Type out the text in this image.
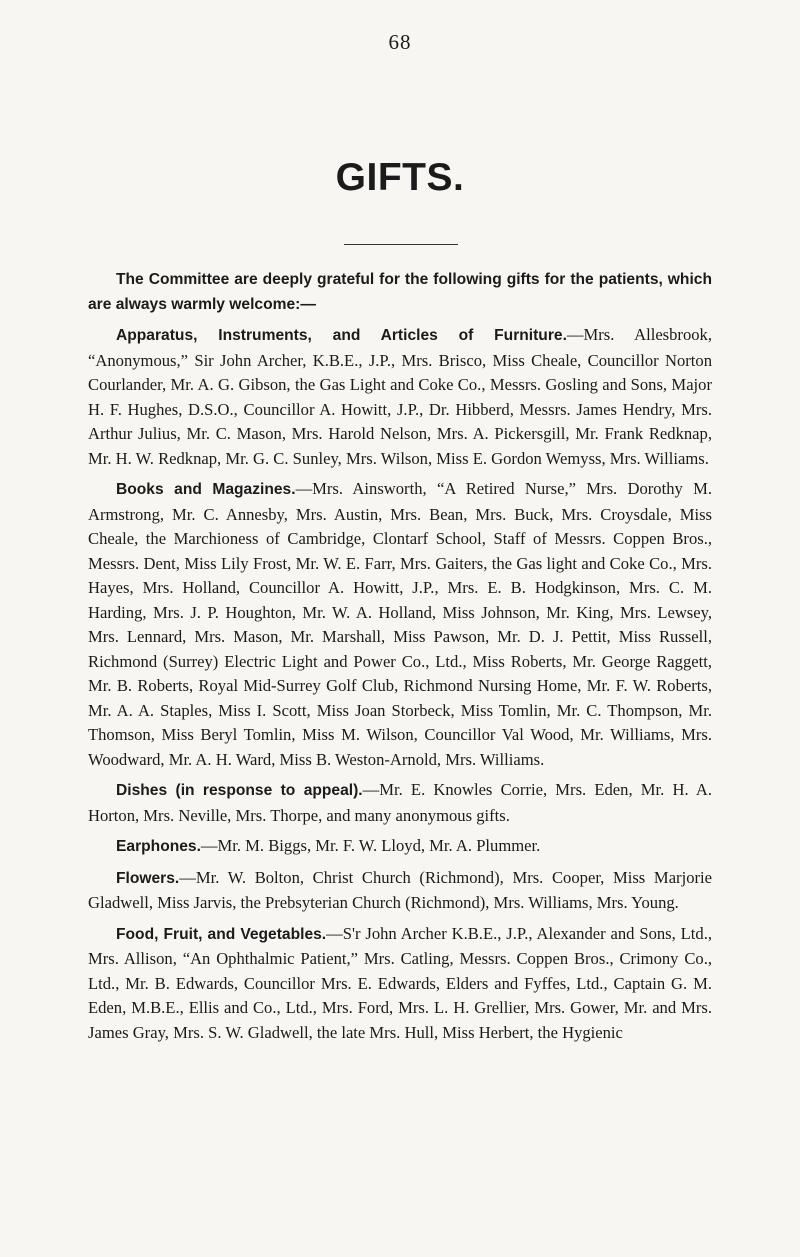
68
GIFTS.

The Committee are deeply grateful for the following gifts for the patients, which are always warmly welcome:—

Apparatus, Instruments, and Articles of Furniture.—Mrs. Allesbrook, “Anonymous,” Sir John Archer, K.B.E., J.P., Mrs. Brisco, Miss Cheale, Councillor Norton Courlander, Mr. A. G. Gibson, the Gas Light and Coke Co., Messrs. Gosling and Sons, Major H. F. Hughes, D.S.O., Councillor A. Howitt, J.P., Dr. Hibberd, Messrs. James Hendry, Mrs. Arthur Julius, Mr. C. Mason, Mrs. Harold Nelson, Mrs. A. Pickersgill, Mr. Frank Redknap, Mr. H. W. Redknap, Mr. G. C. Sunley, Mrs. Wilson, Miss E. Gordon Wemyss, Mrs. Williams.

Books and Magazines.—Mrs. Ainsworth, “A Retired Nurse,” Mrs. Dorothy M. Armstrong, Mr. C. Annesby, Mrs. Austin, Mrs. Bean, Mrs. Buck, Mrs. Croysdale, Miss Cheale, the Marchioness of Cambridge, Clontarf School, Staff of Messrs. Coppen Bros., Messrs. Dent, Miss Lily Frost, Mr. W. E. Farr, Mrs. Gaiters, the Gas light and Coke Co., Mrs. Hayes, Mrs. Holland, Councillor A. Howitt, J.P., Mrs. E. B. Hodgkinson, Mrs. C. M. Harding, Mrs. J. P. Houghton, Mr. W. A. Holland, Miss Johnson, Mr. King, Mrs. Lewsey, Mrs. Lennard, Mrs. Mason, Mr. Marshall, Miss Pawson, Mr. D. J. Pettit, Miss Russell, Richmond (Surrey) Electric Light and Power Co., Ltd., Miss Roberts, Mr. George Raggett, Mr. B. Roberts, Royal Mid-Surrey Golf Club, Richmond Nursing Home, Mr. F. W. Roberts, Mr. A. A. Staples, Miss I. Scott, Miss Joan Storbeck, Miss Tomlin, Mr. C. Thompson, Mr. Thomson, Miss Beryl Tomlin, Miss M. Wilson, Councillor Val Wood, Mr. Williams, Mrs. Woodward, Mr. A. H. Ward, Miss B. Weston-Arnold, Mrs. Williams.

Dishes (in response to appeal).—Mr. E. Knowles Corrie, Mrs. Eden, Mr. H. A. Horton, Mrs. Neville, Mrs. Thorpe, and many anonymous gifts.

Earphones.—Mr. M. Biggs, Mr. F. W. Lloyd, Mr. A. Plummer.

Flowers.—Mr. W. Bolton, Christ Church (Richmond), Mrs. Cooper, Miss Marjorie Gladwell, Miss Jarvis, the Prebsyterian Church (Richmond), Mrs. Williams, Mrs. Young.

Food, Fruit, and Vegetables.—S'r John Archer K.B.E., J.P., Alexander and Sons, Ltd., Mrs. Allison, “An Ophthalmic Patient,” Mrs. Catling, Messrs. Coppen Bros., Crimony Co., Ltd., Mr. B. Edwards, Councillor Mrs. E. Edwards, Elders and Fyffes, Ltd., Captain G. M. Eden, M.B.E., Ellis and Co., Ltd., Mrs. Ford, Mrs. L. H. Grellier, Mrs. Gower, Mr. and Mrs. James Gray, Mrs. S. W. Gladwell, the late Mrs. Hull, Miss Herbert, the Hygienic
